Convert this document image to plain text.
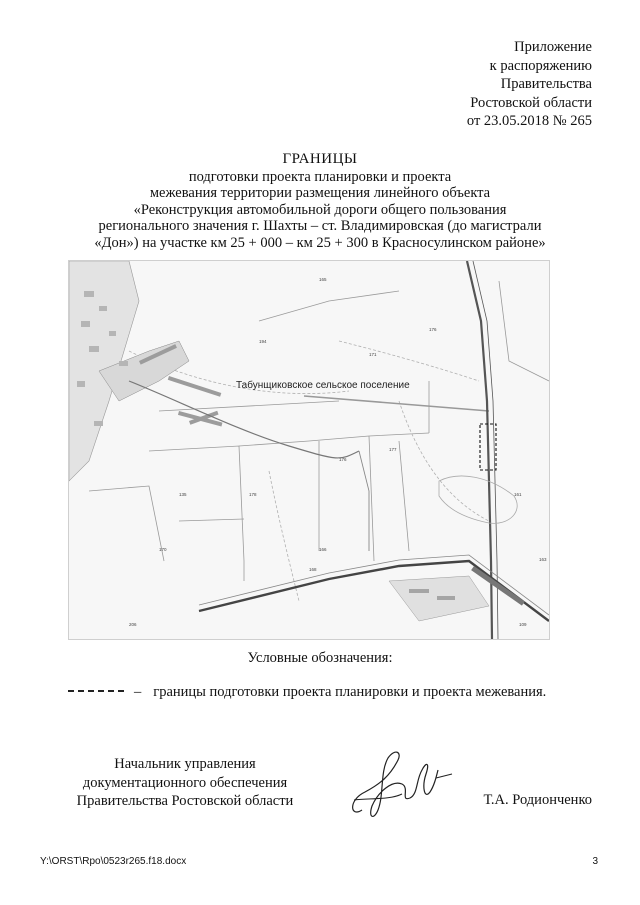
Приложение
к распоряжению
Правительства
Ростовской области
от 23.05.2018 № 265
ГРАНИЦЫ
подготовки проекта планировки и проекта
межевания территории размещения линейного объекта
«Реконструкция автомобильной дороги общего пользования
регионального значения г. Шахты – ст. Владимировская (до магистрали
«Дон») на участке км 25 + 000 – км 25 + 300 в Красносулинском районе»
165
176
194
171
177
176
135	178
166
168
161
170
163
109
206
Табунщиковское сельское поселение
Условные обозначения:
– границы подготовки проекта планировки и проекта межевания.
Начальник управления
документационного обеспечения
Правительства Ростовской области	Т.А. Родионченко
Y:\ORST\Rpo\0523r265.f18.docx	3
